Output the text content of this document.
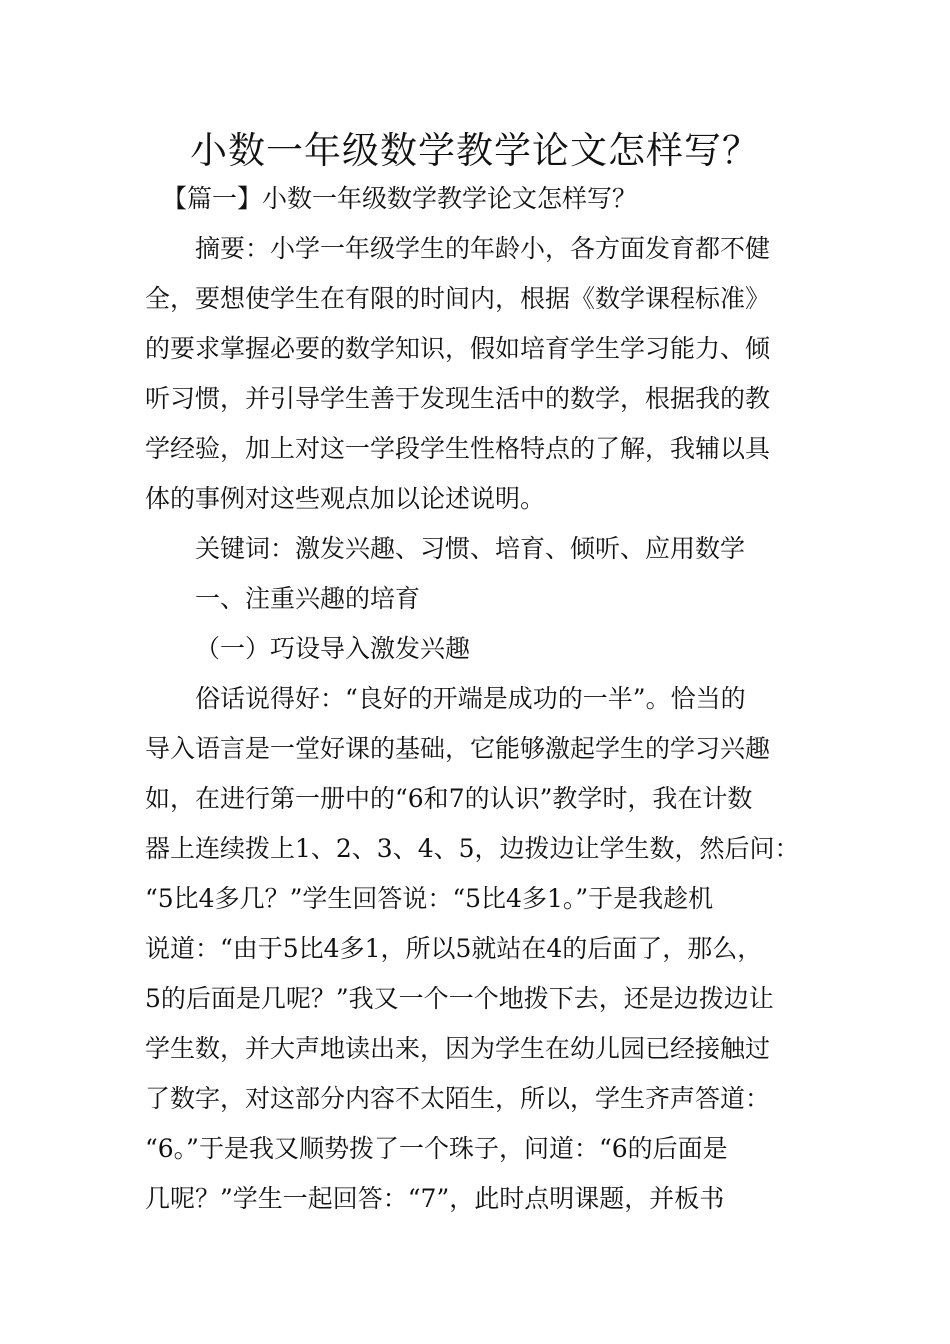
小数一年级数学教学论文怎样写？
【篇一】小数一年级数学教学论文怎样写？
摘要：小学一年级学生的年龄小，各方面发育都不健
全，要想使学生在有限的时间内，根据《数学课程标准》
的要求掌握必要的数学知识，假如培育学生学习能力、倾
听习惯，并引导学生善于发现生活中的数学，根据我的教
学经验，加上对这一学段学生性格特点的了解，我辅以具
体的事例对这些观点加以论述说明。
关键词：激发兴趣、习惯、培育、倾听、应用数学
一、注重兴趣的培育
（一）巧设导入激发兴趣
俗话说得好：“良好的开端是成功的一半”。恰当的
导入语言是一堂好课的基础，它能够激起学生的学习兴趣
如，在进行第一册中的“6和7的认识”教学时，我在计数
器上连续拨上1、2、3、4、5，边拨边让学生数，然后问：
“5比4多几？”学生回答说：“5比4多1。”于是我趁机
说道：“由于5比4多1，所以5就站在4的后面了，那么，
5的后面是几呢？”我又一个一个地拨下去，还是边拨边让
学生数，并大声地读出来，因为学生在幼儿园已经接触过
了数字，对这部分内容不太陌生，所以，学生齐声答道：
“6。”于是我又顺势拨了一个珠子，问道：“6的后面是
几呢？”学生一起回答：“7”，此时点明课题，并板书
